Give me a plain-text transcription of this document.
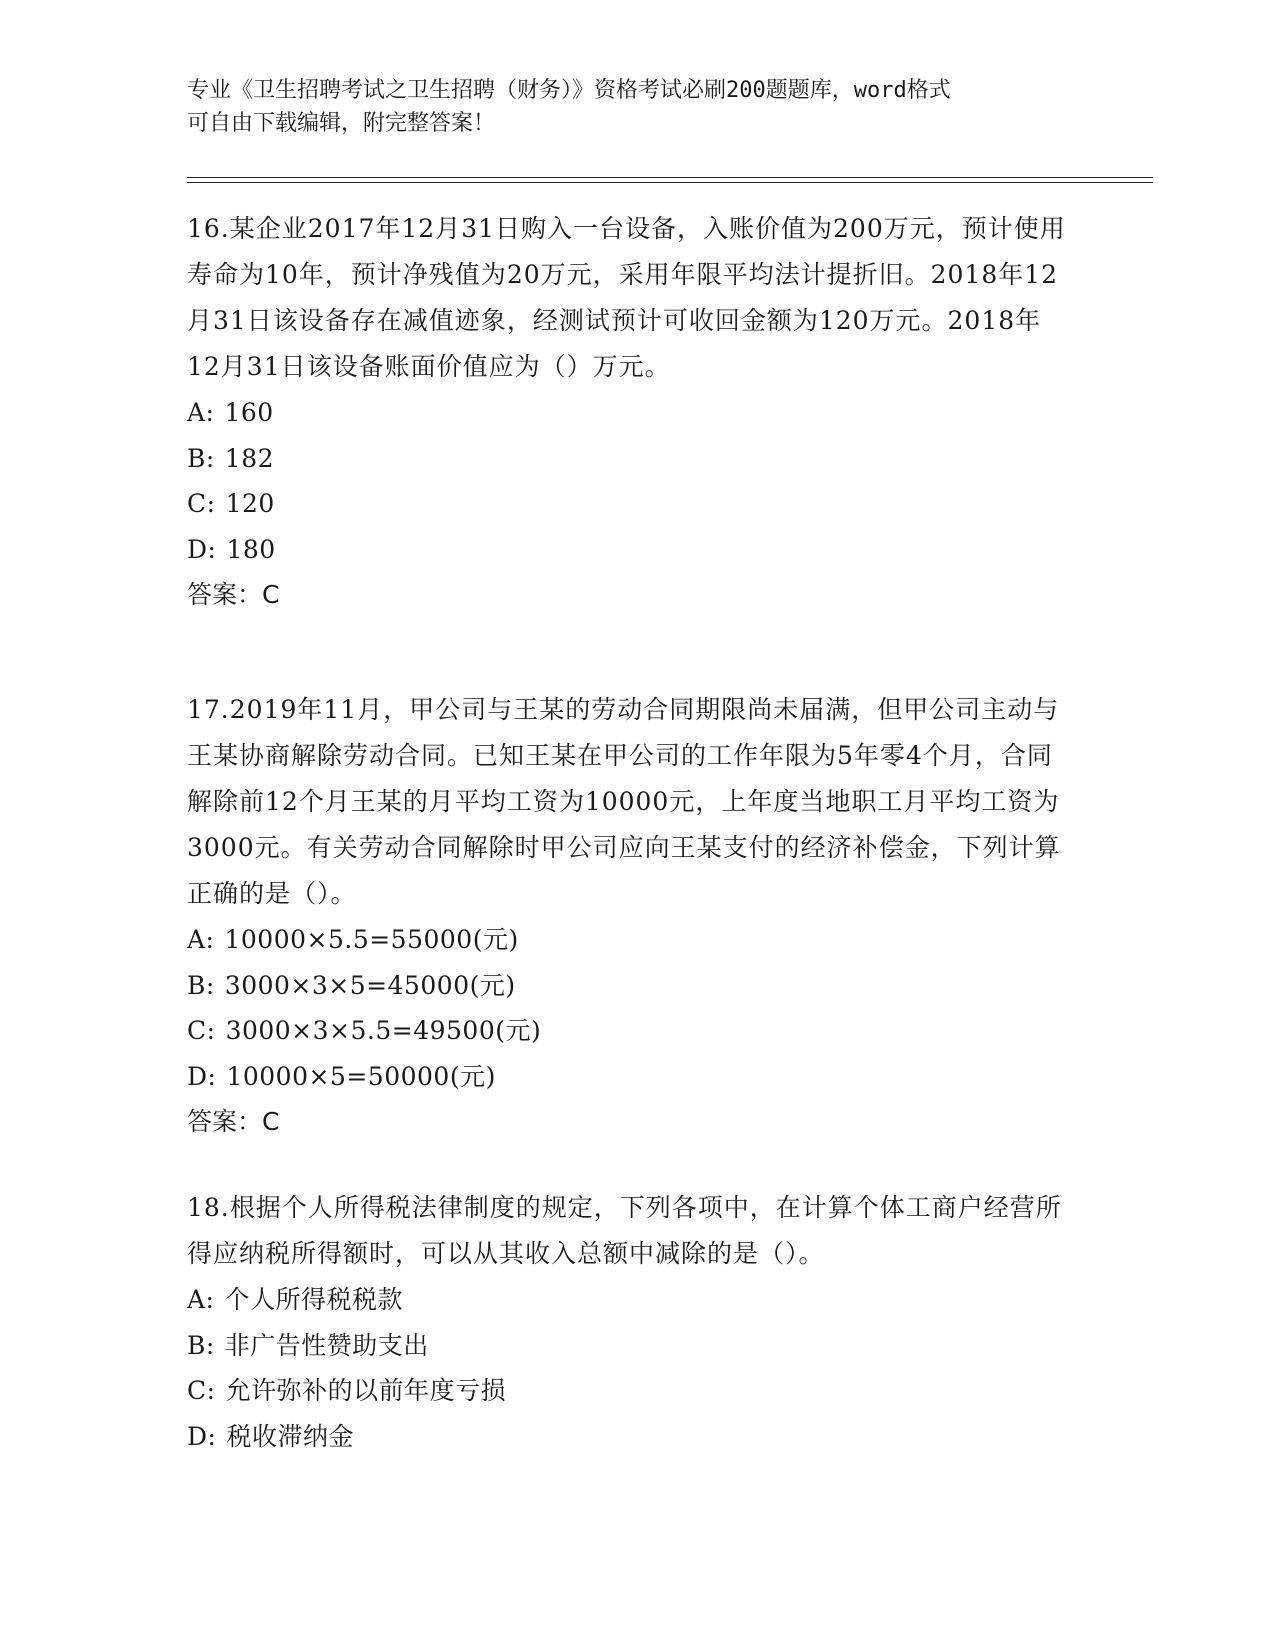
专业《卫生招聘考试之卫生招聘（财务）》资格考试必刷200题题库，word格式
可自由下载编辑，附完整答案！
16.某企业2017年12月31日购入一台设备，入账价值为200万元，预计使用寿命为10年，预计净残值为20万元，采用年限平均法计提折旧。2018年12月31日该设备存在减值迹象，经测试预计可收回金额为120万元。2018年12月31日该设备账面价值应为（）万元。
A: 160
B: 182
C: 120
D: 180
答案：C
17.2019年11月，甲公司与王某的劳动合同期限尚未届满，但甲公司主动与王某协商解除劳动合同。已知王某在甲公司的工作年限为5年零4个月，合同解除前12个月王某的月平均工资为10000元，上年度当地职工月平均工资为3000元。有关劳动合同解除时甲公司应向王某支付的经济补偿金，下列计算正确的是（）。
A: 10000×5.5=55000(元)
B: 3000×3×5=45000(元)
C: 3000×3×5.5=49500(元)
D: 10000×5=50000(元)
答案：C
18.根据个人所得税法律制度的规定，下列各项中，在计算个体工商户经营所得应纳税所得额时，可以从其收入总额中减除的是（）。
A: 个人所得税税款
B: 非广告性赞助支出
C: 允许弥补的以前年度亏损
D: 税收滞纳金
